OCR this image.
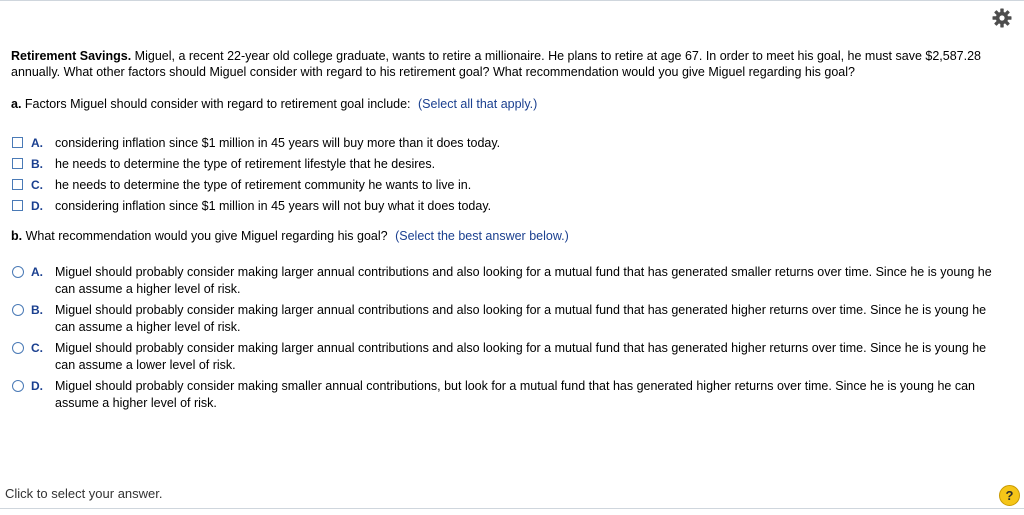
Retirement Savings. Miguel, a recent 22-year old college graduate, wants to retire a millionaire. He plans to retire at age 67. In order to meet his goal, he must save $2,587.28 annually. What other factors should Miguel consider with regard to his retirement goal? What recommendation would you give Miguel regarding his goal?

a. Factors Miguel should consider with regard to retirement goal include: (Select all that apply.)
A. considering inflation since $1 million in 45 years will buy more than it does today.
B. he needs to determine the type of retirement lifestyle that he desires.
C. he needs to determine the type of retirement community he wants to live in.
D. considering inflation since $1 million in 45 years will not buy what it does today.
b. What recommendation would you give Miguel regarding his goal? (Select the best answer below.)
A. Miguel should probably consider making larger annual contributions and also looking for a mutual fund that has generated smaller returns over time. Since he is young he can assume a higher level of risk.
B. Miguel should probably consider making larger annual contributions and also looking for a mutual fund that has generated higher returns over time. Since he is young he can assume a higher level of risk.
C. Miguel should probably consider making larger annual contributions and also looking for a mutual fund that has generated higher returns over time. Since he is young he can assume a lower level of risk.
D. Miguel should probably consider making smaller annual contributions, but look for a mutual fund that has generated higher returns over time. Since he is young he can assume a higher level of risk.
Click to select your answer.	?
